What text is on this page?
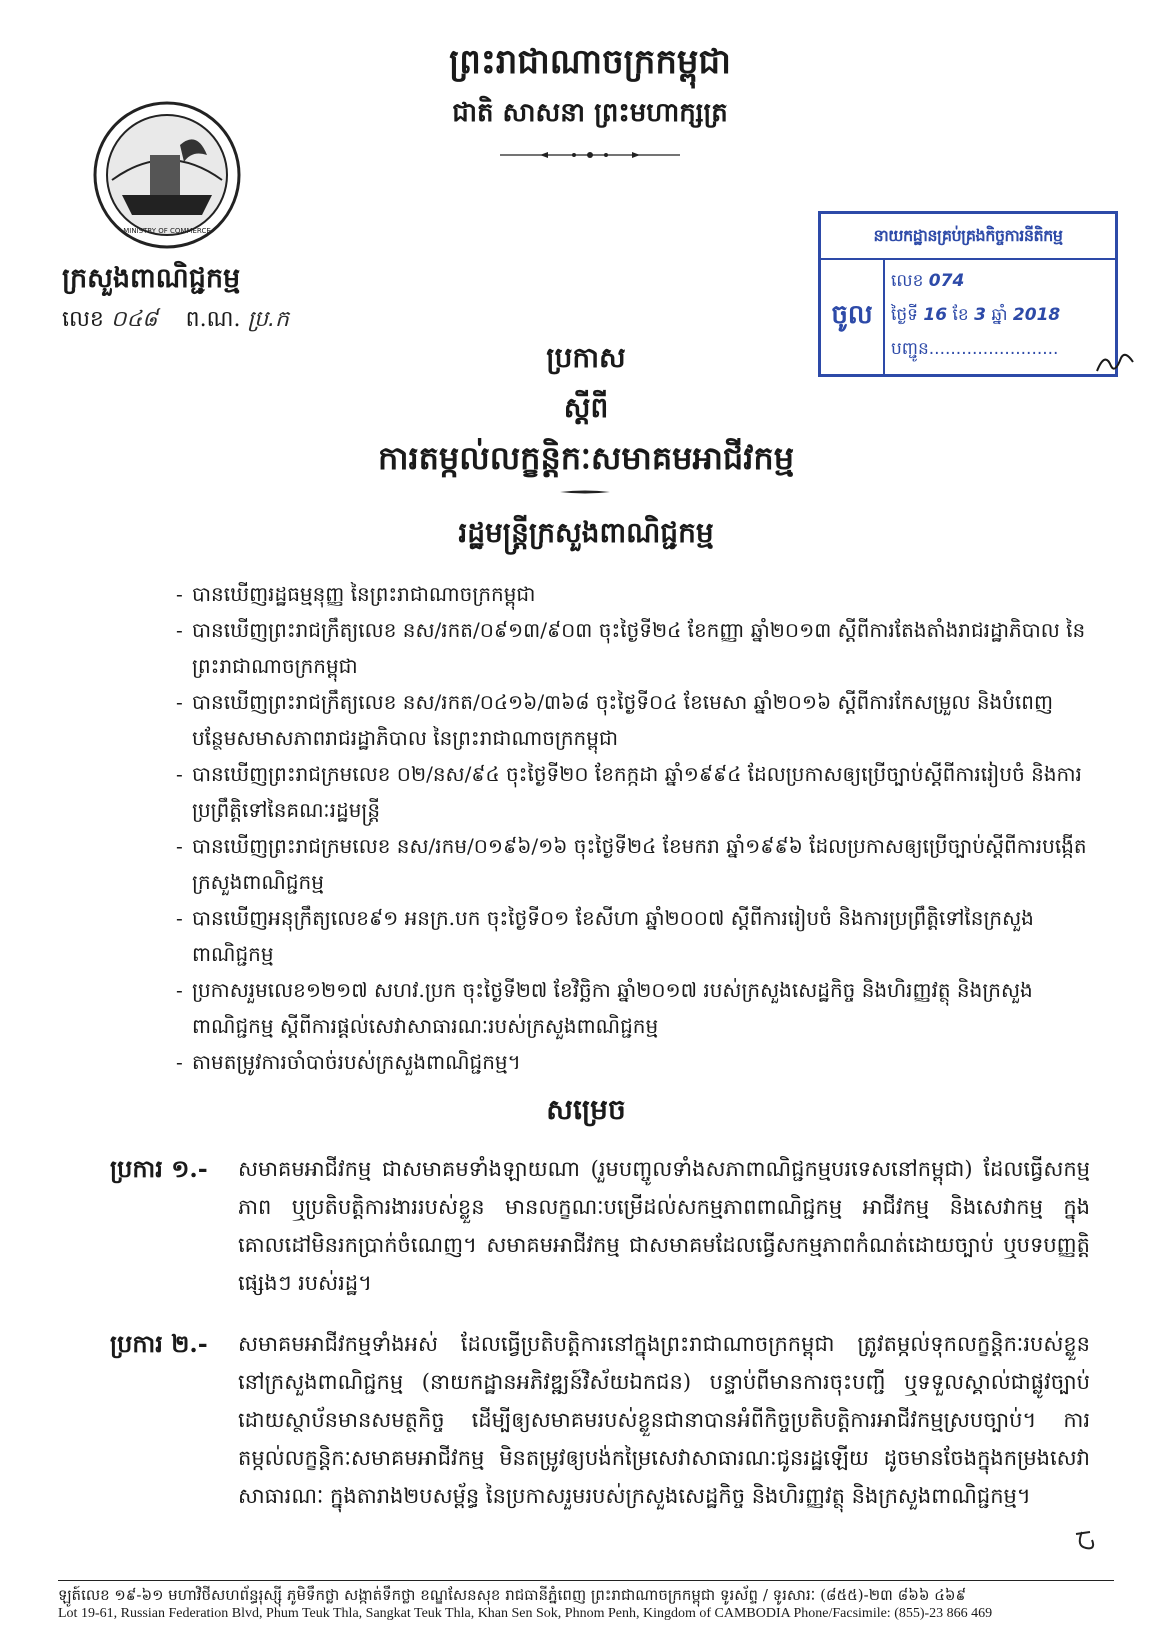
ព្រះរាជាណាចក្រកម្ពុជា
ជាតិ សាសនា ព្រះមហាក្សត្រ
MINISTRY OF COMMERCE
ក្រសួងពាណិជ្ជកម្ម
លេខ ០៤៨ ព.ណ. ប្រ.ក
នាយកដ្ឋានគ្រប់គ្រងកិច្ចការនីតិកម្ម
ចូល
លេខ 074
ថ្ងៃទី 16 ខែ 3 ឆ្នាំ 2018
បញ្ជូន........................
ប្រកាស
ស្តីពី
ការតម្កល់លក្ខន្តិកៈសមាគមអាជីវកម្ម
រដ្ឋមន្ត្រីក្រសួងពាណិជ្ជកម្ម
- បានឃើញរដ្ឋធម្មនុញ្ញ នៃព្រះរាជាណាចក្រកម្ពុជា
- បានឃើញព្រះរាជក្រឹត្យលេខ នស/រកត/០៩១៣/៩០៣ ចុះថ្ងៃទី២៤ ខែកញ្ញា ឆ្នាំ២០១៣ ស្តីពីការតែងតាំងរាជរដ្ឋាភិបាល នៃព្រះរាជាណាចក្រកម្ពុជា
- បានឃើញព្រះរាជក្រឹត្យលេខ នស/រកត/០៤១៦/៣៦៨ ចុះថ្ងៃទី០៤ ខែមេសា ឆ្នាំ២០១៦ ស្តីពីការកែសម្រួល និងបំពេញបន្ថែមសមាសភាពរាជរដ្ឋាភិបាល នៃព្រះរាជាណាចក្រកម្ពុជា
- បានឃើញព្រះរាជក្រមលេខ ០២/នស/៩៤ ចុះថ្ងៃទី២០ ខែកក្កដា ឆ្នាំ១៩៩៤ ដែលប្រកាសឲ្យប្រើច្បាប់ស្តីពីការរៀបចំ និងការប្រព្រឹត្តិទៅនៃគណៈរដ្ឋមន្ត្រី
- បានឃើញព្រះរាជក្រមលេខ នស/រកម/០១៩៦/១៦ ចុះថ្ងៃទី២៤ ខែមករា ឆ្នាំ១៩៩៦ ដែលប្រកាសឲ្យប្រើច្បាប់ស្តីពីការបង្កើតក្រសួងពាណិជ្ជកម្ម
- បានឃើញអនុក្រឹត្យលេខ៩១ អនក្រ.បក ចុះថ្ងៃទី០១ ខែសីហា ឆ្នាំ២០០៧ ស្តីពីការរៀបចំ និងការប្រព្រឹត្តិទៅនៃក្រសួងពាណិជ្ជកម្ម
- ប្រកាសរួមលេខ១២១៧ សហវ.ប្រក ចុះថ្ងៃទី២៧ ខែវិច្ឆិកា ឆ្នាំ២០១៧ របស់ក្រសួងសេដ្ឋកិច្ច និងហិរញ្ញវត្ថុ និងក្រសួងពាណិជ្ជកម្ម ស្តីពីការផ្តល់សេវាសាធារណៈរបស់ក្រសួងពាណិជ្ជកម្ម
- តាមតម្រូវការចាំបាច់របស់ក្រសួងពាណិជ្ជកម្ម។
សម្រេច
ប្រការ ១.- សមាគមអាជីវកម្ម ជាសមាគមទាំងឡាយណា (រួមបញ្ចូលទាំងសភាពាណិជ្ជកម្មបរទេសនៅកម្ពុជា) ដែលធ្វើសកម្មភាព ឬប្រតិបត្តិការងាររបស់ខ្លួន មានលក្ខណៈបម្រើដល់សកម្មភាពពាណិជ្ជកម្ម អាជីវកម្ម និងសេវាកម្ម ក្នុងគោលដៅមិនរកប្រាក់ចំណេញ។ សមាគមអាជីវកម្ម ជាសមាគមដែលធ្វើសកម្មភាពកំណត់ដោយច្បាប់ ឬបទបញ្ញត្តិផ្សេងៗ របស់រដ្ឋ។
ប្រការ ២.- សមាគមអាជីវកម្មទាំងអស់ ដែលធ្វើប្រតិបត្តិការនៅក្នុងព្រះរាជាណាចក្រកម្ពុជា ត្រូវតម្កល់ទុកលក្ខន្តិកៈរបស់ខ្លួន នៅក្រសួងពាណិជ្ជកម្ម (នាយកដ្ឋានអភិវឌ្ឍន៍វិស័យឯកជន) បន្ទាប់ពីមានការចុះបញ្ជី ឬទទួលស្គាល់ជាផ្លូវច្បាប់ដោយស្ថាប័នមានសមត្ថកិច្ច ដើម្បីឲ្យសមាគមរបស់ខ្លួនជានាបានអំពីកិច្ចប្រតិបត្តិការអាជីវកម្មស្របច្បាប់។ ការតម្កល់លក្ខន្តិកៈសមាគមអាជីវកម្ម មិនតម្រូវឲ្យបង់កម្រៃសេវាសាធារណៈជូនរដ្ឋឡើយ ដូចមានចែងក្នុងកម្រងសេវាសាធារណៈ ក្នុងតារាង២បសម្ព័ន្ធ នៃប្រកាសរួមរបស់ក្រសួងសេដ្ឋកិច្ច និងហិរញ្ញវត្ថុ និងក្រសួងពាណិជ្ជកម្ម។
ឡូត៍លេខ ១៩-៦១ មហាវិថីសហព័ន្ធរុស្ស៊ី ភូមិទឹកថ្លា សង្កាត់ទឹកថ្លា ខណ្ឌសែនសុខ រាជធានីភ្នំពេញ ព្រះរាជាណាចក្រកម្ពុជា ទូរស័ព្ទ / ទូរសារៈ (៨៥៥)-២៣ ៨៦៦ ៤៦៩
Lot 19-61, Russian Federation Blvd, Phum Teuk Thla, Sangkat Teuk Thla, Khan Sen Sok, Phnom Penh, Kingdom of CAMBODIA Phone/Facsimile: (855)-23 866 469
